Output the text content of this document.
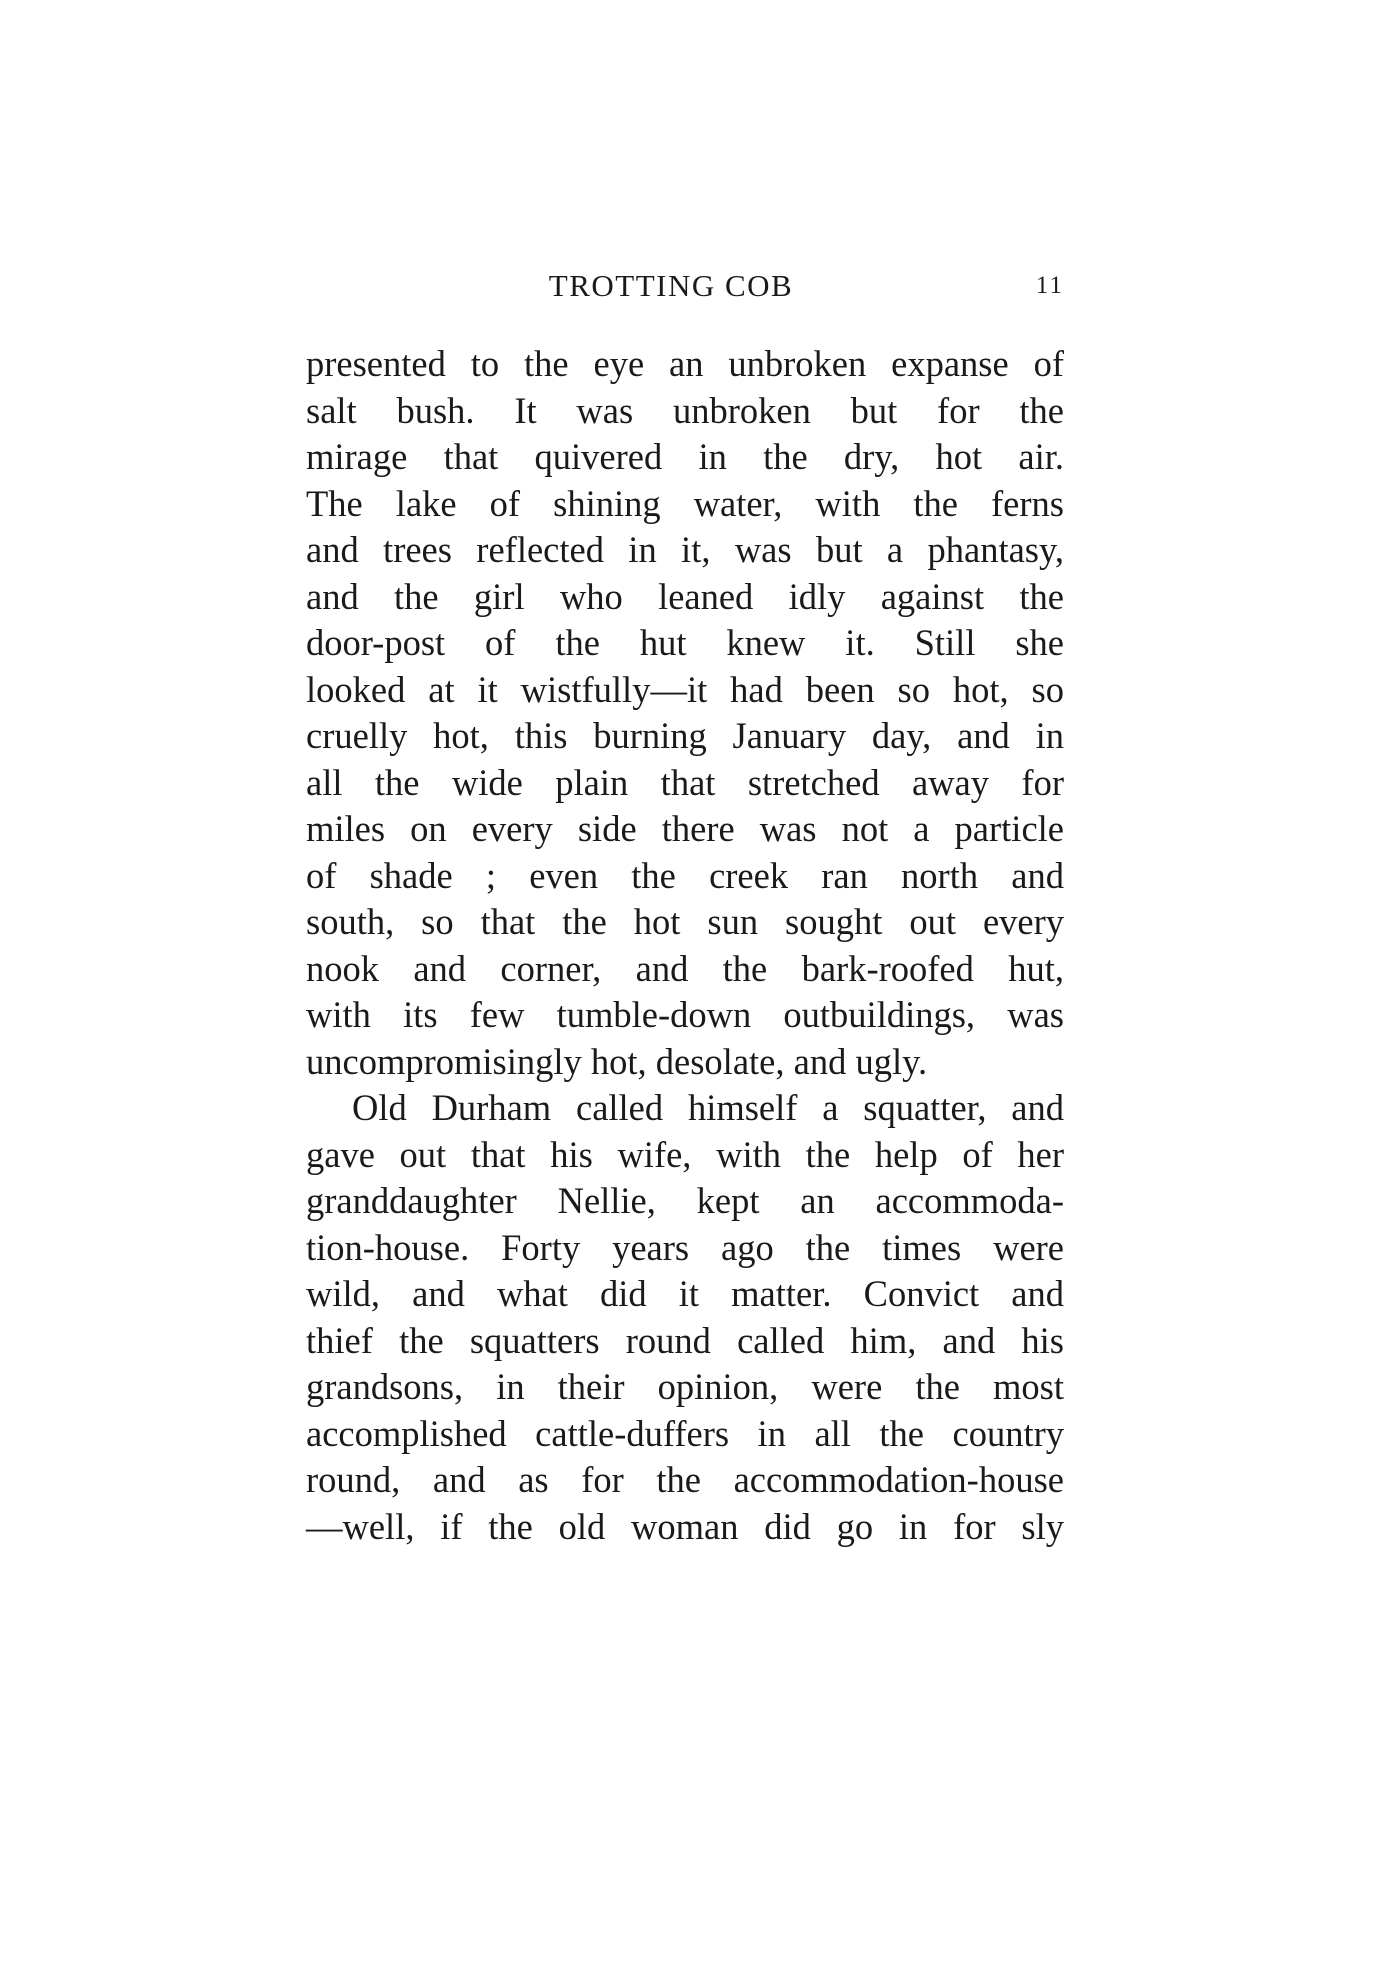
TROTTING COB	11
presented to the eye an unbroken expanse of
salt bush. It was unbroken but for the
mirage that quivered in the dry, hot air.
The lake of shining water, with the ferns
and trees reflected in it, was but a phantasy,
and the girl who leaned idly against the
door-post of the hut knew it. Still she
looked at it wistfully—it had been so hot, so
cruelly hot, this burning January day, and in
all the wide plain that stretched away for
miles on every side there was not a particle
of shade ; even the creek ran north and
south, so that the hot sun sought out every
nook and corner, and the bark-roofed hut,
with its few tumble-down outbuildings, was
uncompromisingly hot, desolate, and ugly.
Old Durham called himself a squatter, and
gave out that his wife, with the help of her
granddaughter Nellie, kept an accommoda-
tion-house. Forty years ago the times were
wild, and what did it matter. Convict and
thief the squatters round called him, and his
grandsons, in their opinion, were the most
accomplished cattle-duffers in all the country
round, and as for the accommodation-house
—well, if the old woman did go in for sly
